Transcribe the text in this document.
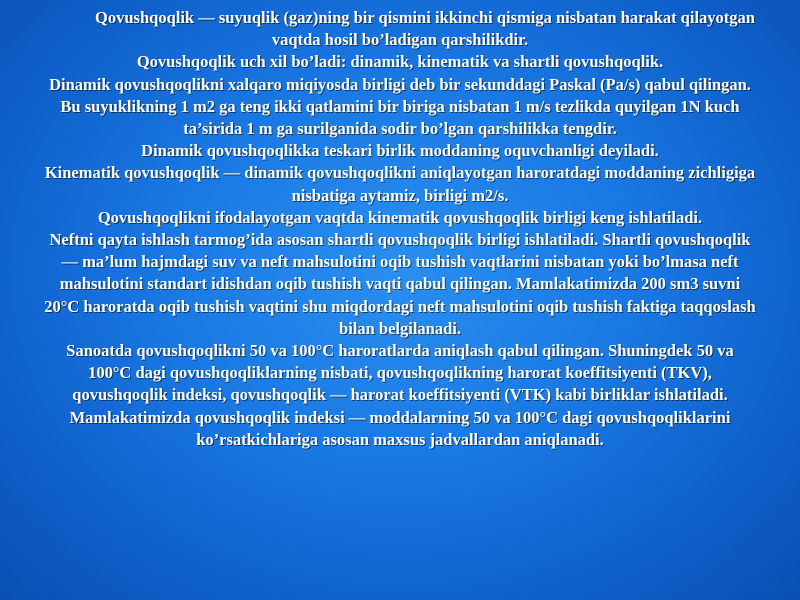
Qovushqoqlik — suyuqlik (gaz)ning bir qismini ikkinchi qismiga nisbatan harakat qilayotgan vaqtda hosil bo’ladigan qarshilikdir.

Qovushqoqlik uch xil bo’ladi: dinamik, kinematik va shartli qovushqoqlik.

Dinamik qovushqoqlikni xalqaro miqiyosda birligi deb bir sekunddagi Paskal (Pa/s) qabul qilingan. Bu suyuklikning 1 m2 ga teng ikki qatlamini bir biriga nisbatan 1 m/s tezlikda quyilgan 1N kuch ta’sirida 1 m ga surilganida sodir bo’lgan qarshilikka tengdir.

Dinamik qovushqoqlikka teskari birlik moddaning oquvchanligi deyiladi.

Kinematik qovushqoqlik — dinamik qovushqoqlikni aniqlayotgan haroratdagi moddaning zichligiga nisbatiga aytamiz, birligi m2/s.

Qovushqoqlikni ifodalayotgan vaqtda kinematik qovushqoqlik birligi keng ishlatiladi.

Neftni qayta ishlash tarmog’ida asosan shartli qovushqoqlik birligi ishlatiladi. Shartli qovushqoqlik — ma’lum hajmdagi suv va neft mahsulotini oqib tushish vaqtlarini nisbatan yoki bo’lmasa neft mahsulotini standart idishdan oqib tushish vaqti qabul qilingan. Mamlakatimizda 200 sm3 suvni 20°C haroratda oqib tushish vaqtini shu miqdordagi neft mahsulotini oqib tushish faktiga taqqoslash bilan belgilanadi.

Sanoatda qovushqoqlikni 50 va 100°C haroratlarda aniqlash qabul qilingan. Shuningdek 50 va 100°C dagi qovushqoqliklarning nisbati, qovushqoqlikning harorat koeffitsiyenti (TKV), qovushqoqlik indeksi, qovushqoqlik — harorat koeffitsiyenti (VTK) kabi birliklar ishlatiladi.

Mamlakatimizda qovushqoqlik indeksi — moddalarning 50 va 100°C dagi qovushqoqliklarini ko’rsatkichlariga asosan maxsus jadvallardan aniqlanadi.
